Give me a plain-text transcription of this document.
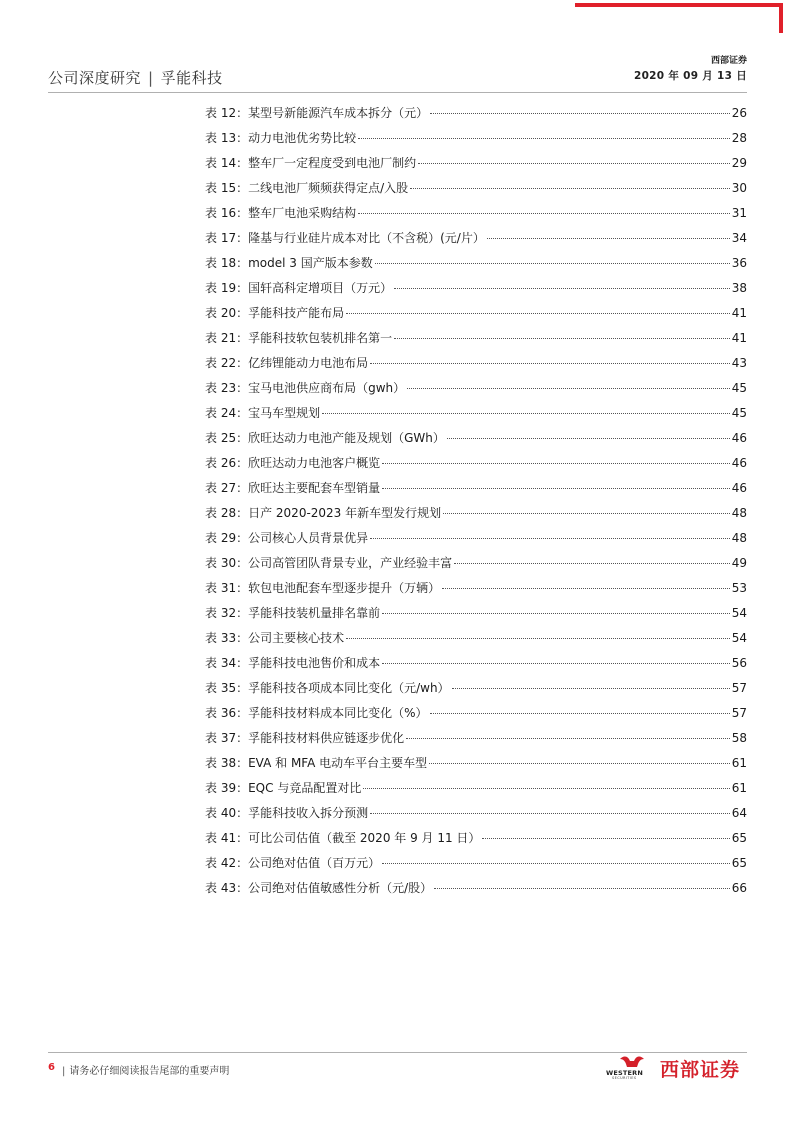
公司深度研究 | 孚能科技
西部证券
2020 年 09 月 13 日
表 12：某型号新能源汽车成本拆分（元）	26
表 13：动力电池优劣势比较	28
表 14：整车厂一定程度受到电池厂制约	29
表 15：二线电池厂频频获得定点/入股	30
表 16：整车厂电池采购结构	31
表 17：隆基与行业硅片成本对比（不含税）(元/片）	34
表 18：model 3 国产版本参数	36
表 19：国轩高科定增项目（万元）	38
表 20：孚能科技产能布局	41
表 21：孚能科技软包装机排名第一	41
表 22：亿纬锂能动力电池布局	43
表 23：宝马电池供应商布局（gwh）	45
表 24：宝马车型规划	45
表 25：欣旺达动力电池产能及规划（GWh）	46
表 26：欣旺达动力电池客户概览	46
表 27：欣旺达主要配套车型销量	46
表 28：日产 2020-2023 年新车型发行规划	48
表 29：公司核心人员背景优异	48
表 30：公司高管团队背景专业，产业经验丰富	49
表 31：软包电池配套车型逐步提升（万辆）	53
表 32：孚能科技装机量排名靠前	54
表 33：公司主要核心技术	54
表 34：孚能科技电池售价和成本	56
表 35：孚能科技各项成本同比变化（元/wh）	57
表 36：孚能科技材料成本同比变化（%）	57
表 37：孚能科技材料供应链逐步优化	58
表 38：EVA 和 MFA 电动车平台主要车型	61
表 39：EQC 与竞品配置对比	61
表 40：孚能科技收入拆分预测	64
表 41：可比公司估值（截至 2020 年 9 月 11 日）	65
表 42：公司绝对估值（百万元）	65
表 43：公司绝对估值敏感性分析（元/股）	66
6 | 请务必仔细阅读报告尾部的重要声明	WESTERN
SECURITIES 西部证券
